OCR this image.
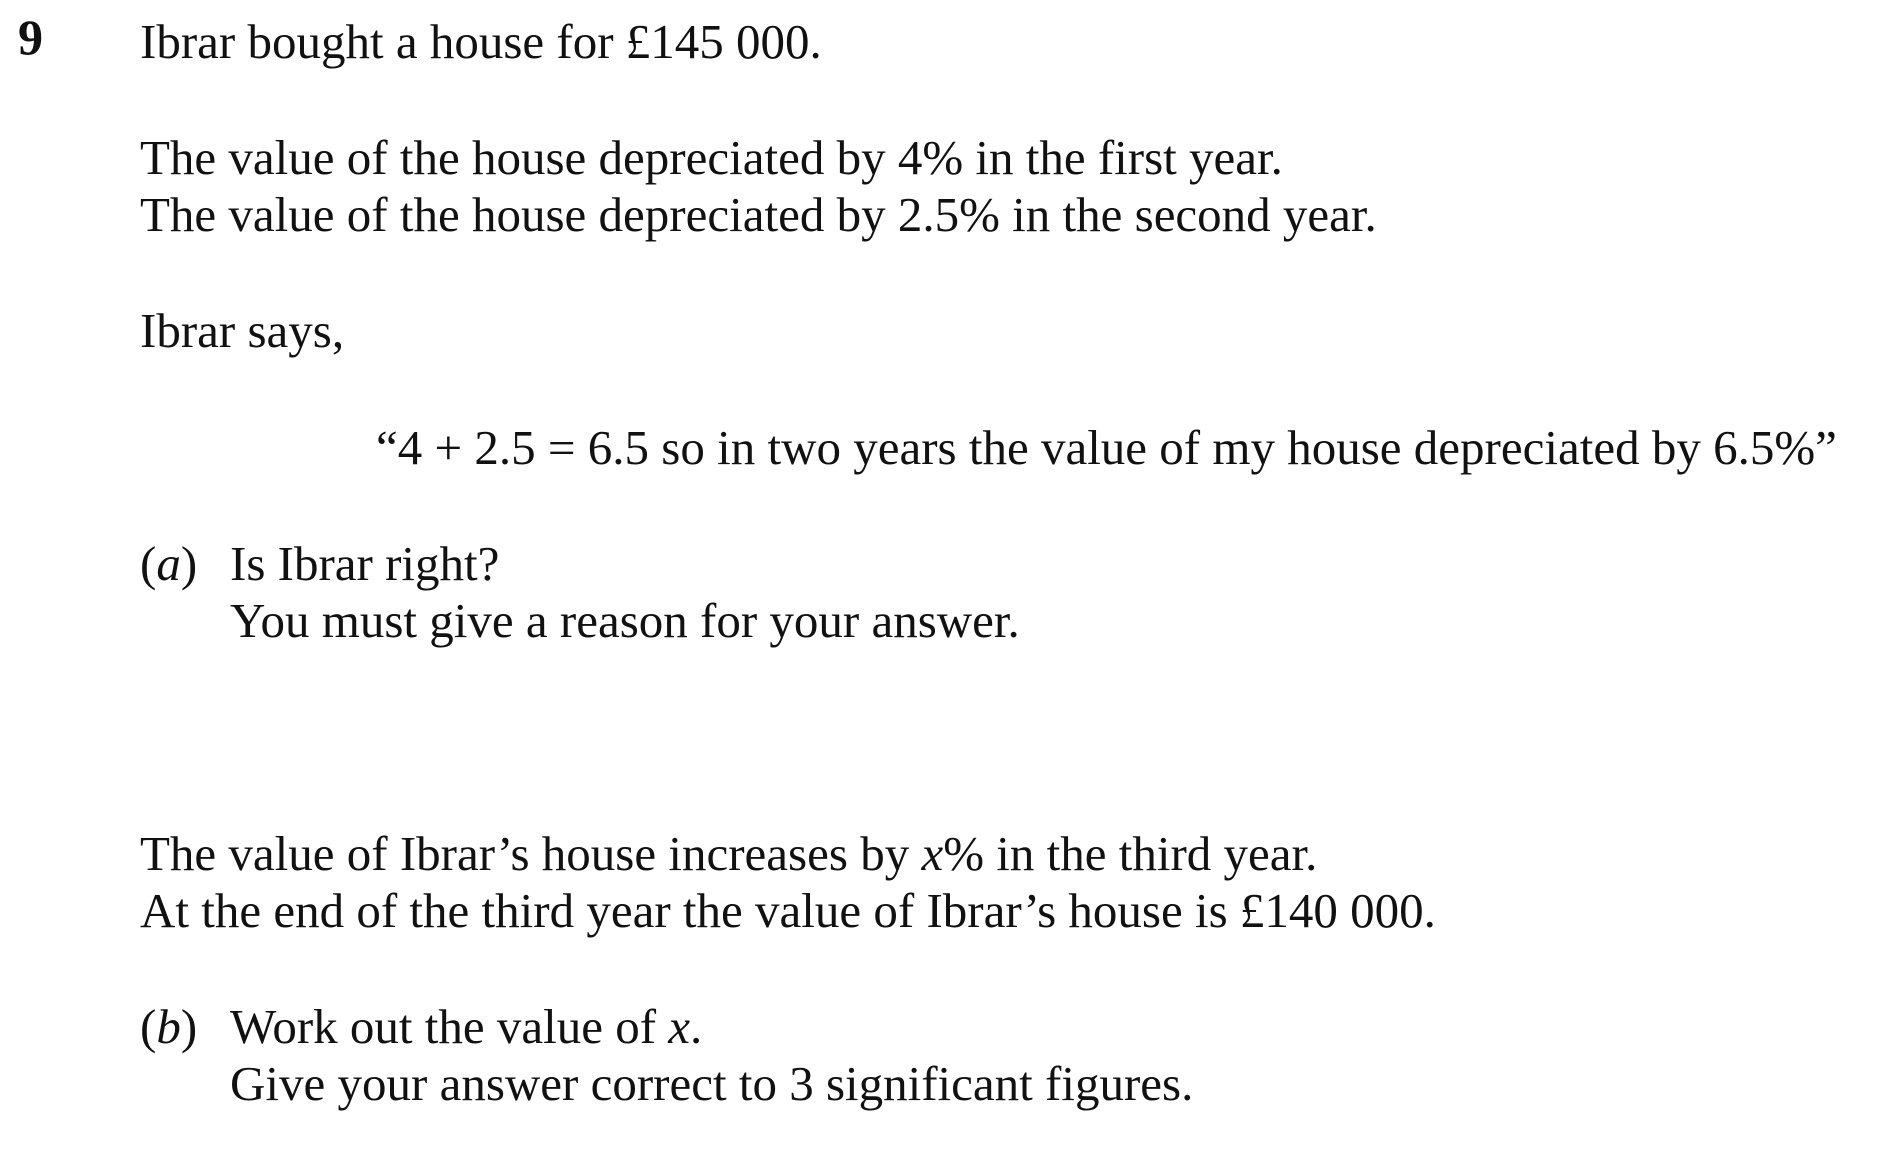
9 Ibrar bought a house for £145 000.
The value of the house depreciated by 4% in the first year.
The value of the house depreciated by 2.5% in the second year.
Ibrar says,
“4 + 2.5 = 6.5 so in two years the value of my house depreciated by 6.5%”
(a) Is Ibrar right?
You must give a reason for your answer.
The value of Ibrar’s house increases by x% in the third year.
At the end of the third year the value of Ibrar’s house is £140 000.
(b) Work out the value of x.
Give your answer correct to 3 significant figures.
